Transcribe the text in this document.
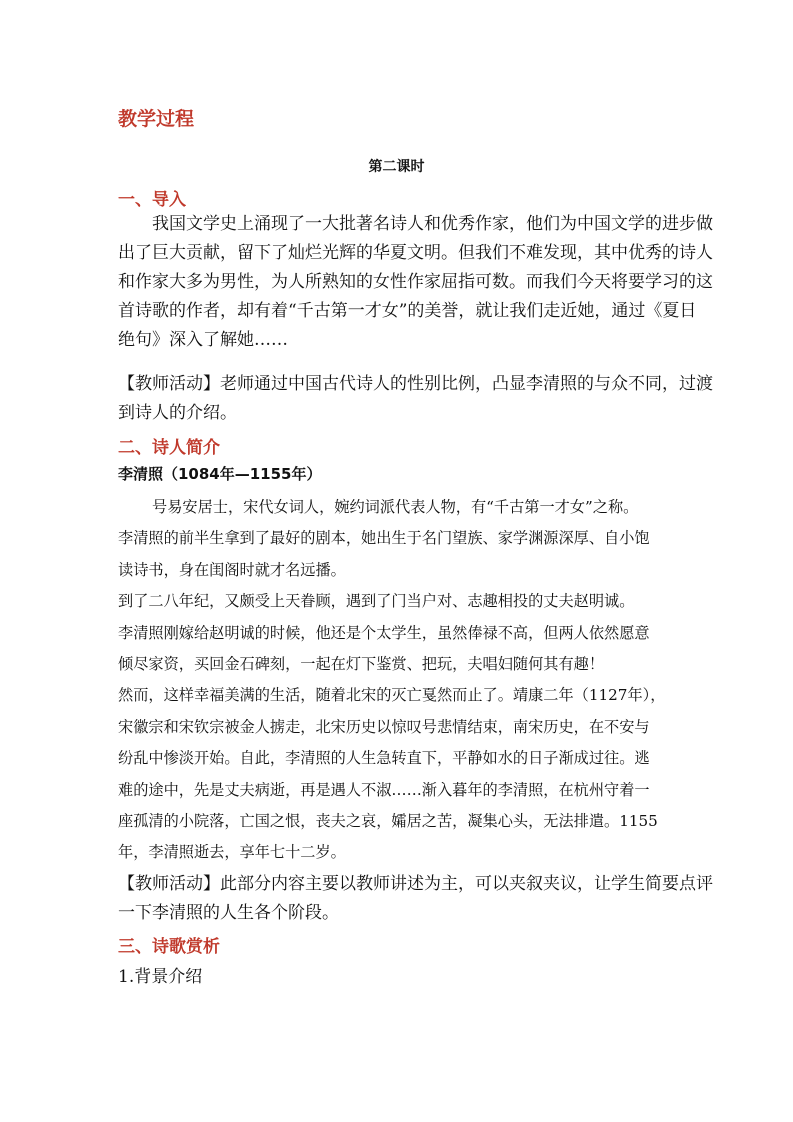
教学过程
第二课时
一、导入
我国文学史上涌现了一大批著名诗人和优秀作家，他们为中国文学的进步做
出了巨大贡献，留下了灿烂光辉的华夏文明。但我们不难发现，其中优秀的诗人
和作家大多为男性，为人所熟知的女性作家屈指可数。而我们今天将要学习的这
首诗歌的作者，却有着“千古第一才女”的美誉，就让我们走近她，通过《夏日
绝句》深入了解她……
【教师活动】老师通过中国古代诗人的性别比例，凸显李清照的与众不同，过渡
到诗人的介绍。
二、诗人简介
李清照（1084年—1155年）
号易安居士，宋代女词人，婉约词派代表人物，有“千古第一才女”之称。
李清照的前半生拿到了最好的剧本，她出生于名门望族、家学渊源深厚、自小饱
读诗书，身在闺阁时就才名远播。
到了二八年纪，又颇受上天眷顾，遇到了门当户对、志趣相投的丈夫赵明诚。
李清照刚嫁给赵明诚的时候，他还是个太学生，虽然俸禄不高，但两人依然愿意
倾尽家资，买回金石碑刻，一起在灯下鉴赏、把玩，夫唱妇随何其有趣！
然而，这样幸福美满的生活，随着北宋的灭亡戛然而止了。靖康二年（1127年），
宋徽宗和宋钦宗被金人掳走，北宋历史以惊叹号悲情结束，南宋历史，在不安与
纷乱中惨淡开始。自此，李清照的人生急转直下，平静如水的日子渐成过往。逃
难的途中，先是丈夫病逝，再是遇人不淑……渐入暮年的李清照，在杭州守着一
座孤清的小院落，亡国之恨，丧夫之哀，孀居之苦，凝集心头，无法排遣。1155
年，李清照逝去，享年七十二岁。
【教师活动】此部分内容主要以教师讲述为主，可以夹叙夹议，让学生简要点评
一下李清照的人生各个阶段。
三、诗歌赏析
1.背景介绍
